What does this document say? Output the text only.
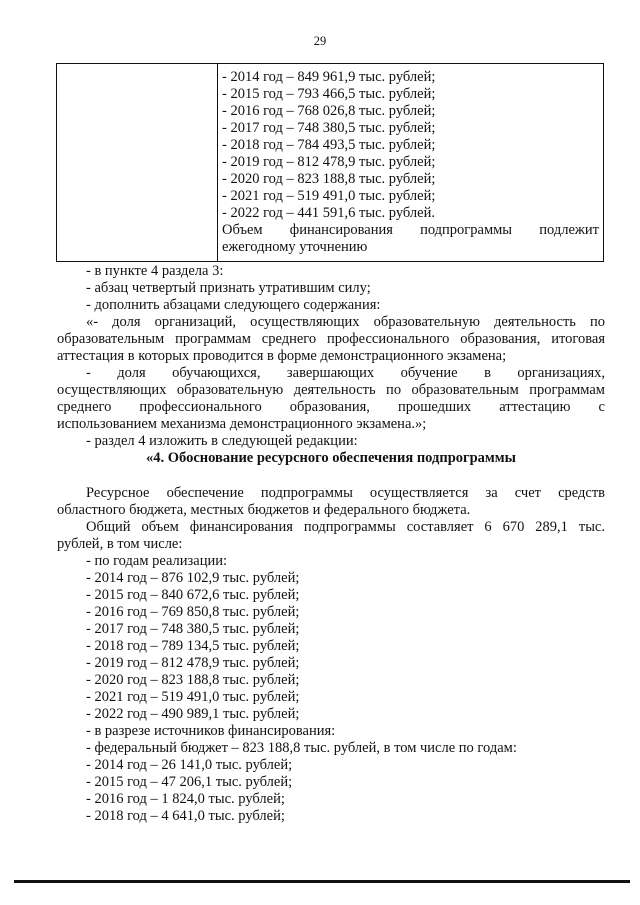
29
- 2014 год – 849 961,9 тыс. рублей;
- 2015 год – 793 466,5 тыс. рублей;
- 2016 год – 768 026,8 тыс. рублей;
- 2017 год – 748 380,5 тыс. рублей;
- 2018 год – 784 493,5 тыс. рублей;
- 2019 год – 812 478,9 тыс. рублей;
- 2020 год – 823 188,8 тыс. рублей;
- 2021 год – 519 491,0 тыс. рублей;
- 2022 год – 441 591,6 тыс. рублей.
Объем финансирования подпрограммы подлежит
ежегодному уточнению
- в пункте 4 раздела 3:
- абзац четвертый признать утратившим силу;
- дополнить абзацами следующего содержания:
«- доля организаций, осуществляющих образовательную деятельность по
образовательным программам среднего профессионального образования, итоговая
аттестация в которых проводится в форме демонстрационного экзамена;
- доля обучающихся, завершающих обучение в организациях,
осуществляющих образовательную деятельность по образовательным программам
среднего профессионального образования, прошедших аттестацию с
использованием механизма демонстрационного экзамена.»;
- раздел 4 изложить в следующей редакции:
«4. Обоснование ресурсного обеспечения подпрограммы
Ресурсное обеспечение подпрограммы осуществляется за счет средств
областного бюджета, местных бюджетов и федерального бюджета.
Общий объем финансирования подпрограммы составляет 6 670 289,1 тыс.
рублей, в том числе:
- по годам реализации:
- 2014 год – 876 102,9 тыс. рублей;
- 2015 год – 840 672,6 тыс. рублей;
- 2016 год – 769 850,8 тыс. рублей;
- 2017 год – 748 380,5 тыс. рублей;
- 2018 год – 789 134,5 тыс. рублей;
- 2019 год – 812 478,9 тыс. рублей;
- 2020 год – 823 188,8 тыс. рублей;
- 2021 год – 519 491,0 тыс. рублей;
- 2022 год – 490 989,1 тыс. рублей;
- в разрезе источников финансирования:
- федеральный бюджет – 823 188,8 тыс. рублей, в том числе по годам:
- 2014 год – 26 141,0 тыс. рублей;
- 2015 год – 47 206,1 тыс. рублей;
- 2016 год – 1 824,0 тыс. рублей;
- 2018 год – 4 641,0 тыс. рублей;
